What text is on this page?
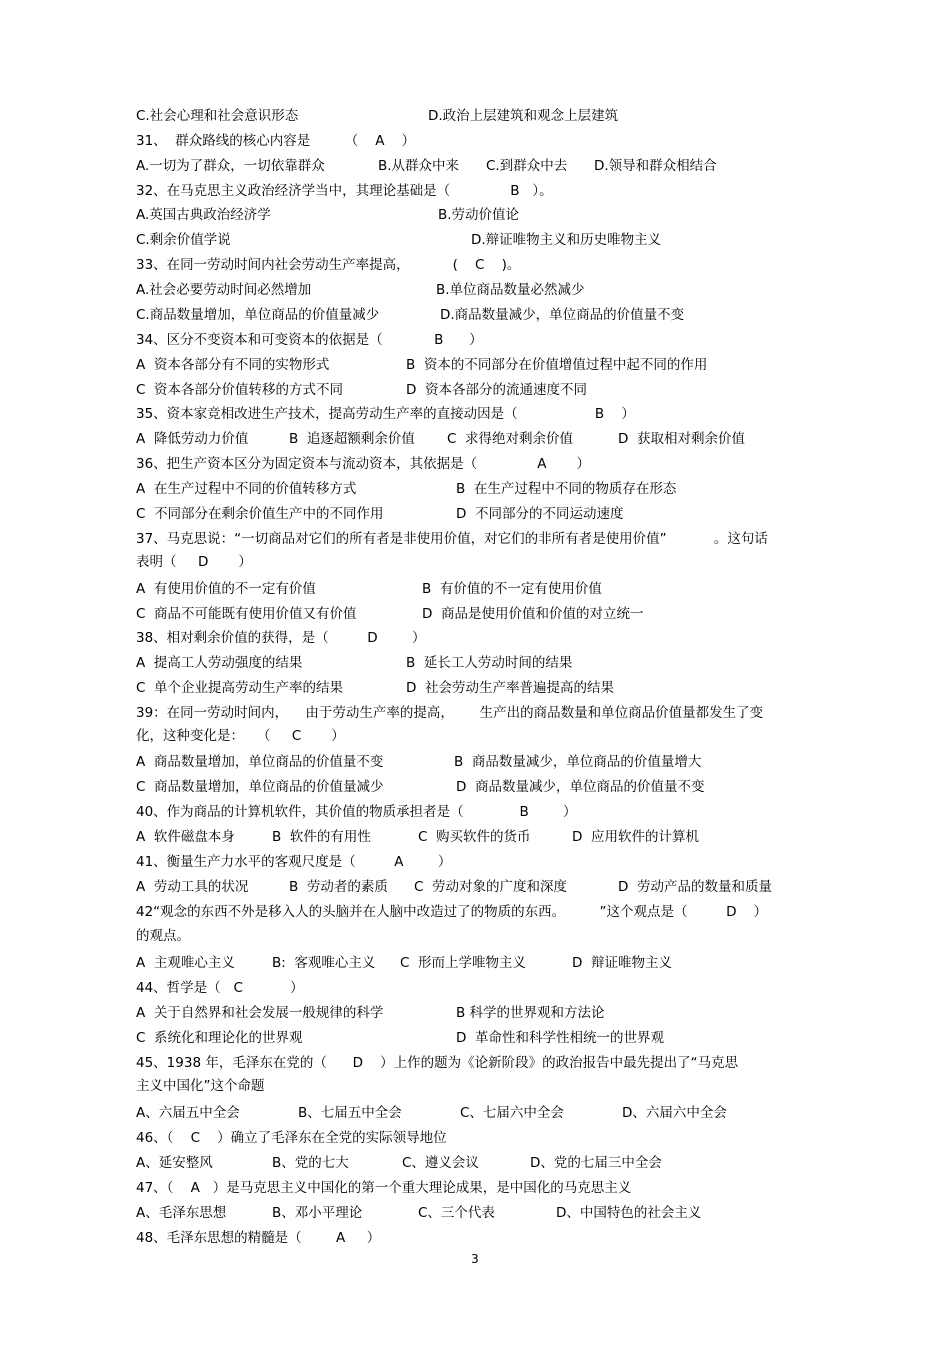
C.社会心理和社会意识形态	D.政治上层建筑和观念上层建筑
31、  群众路线的核心内容是        （    A    ）
A.一切为了群众，一切依靠群众	B.从群众中来 C.到群众中去 D.领导和群众相结合
32、在马克思主义政治经济学当中，其理论基础是（              B   ）。
A.英国古典政治经济学	B.劳动价值论
C.剩余价值学说	D.辩证唯物主义和历史唯物主义
33、在同一劳动时间内社会劳动生产率提高，          (    C    )。
A.社会必要劳动时间必然增加	B.单位商品数量必然减少
C.商品数量增加，单位商品的价值量减少	D.商品数量减少，单位商品的价值量不变
34、区分不变资本和可变资本的依据是（            B      ）
A  资本各部分有不同的实物形式	B  资本的不同部分在价值增值过程中起不同的作用
C  资本各部分价值转移的方式不同	D  资本各部分的流通速度不同
35、资本家竞相改进生产技术，提高劳动生产率的直接动因是（                  B    ）
A  降低劳动力价值	B  追逐超额剩余价值 C  求得绝对剩余价值	D  获取相对剩余价值
36、把生产资本区分为固定资本与流动资本，其依据是（              A       ）
A  在生产过程中不同的价值转移方式	B  在生产过程中不同的物质存在形态
C  不同部分在剩余价值生产中的不同作用	D  不同部分的不同运动速度
37、马克思说：“一切商品对它们的所有者是非使用价值，对它们的非所有者是使用价值”           。这句话
表明（     D       ）
A  有使用价值的不一定有价值	B  有价值的不一定有使用价值
C  商品不可能既有使用价值又有价值	D  商品是使用价值和价值的对立统一
38、相对剩余价值的获得，是（         D        ）
A  提高工人劳动强度的结果	B  延长工人劳动时间的结果
C  单个企业提高劳动生产率的结果	D  社会劳动生产率普遍提高的结果
39：在同一劳动时间内，    由于劳动生产率的提高，      生产出的商品数量和单位商品价值量都发生了变
化，这种变化是：   （     C       ）
A  商品数量增加，单位商品的价值量不变	B  商品数量减少，单位商品的价值量增大
C  商品数量增加，单位商品的价值量减少	D  商品数量减少，单位商品的价值量不变
40、作为商品的计算机软件，其价值的物质承担者是（             B        ）
A  软件磁盘本身	B  软件的有用性	C  购买软件的货币	D  应用软件的计算机
41、衡量生产力水平的客观尺度是（         A        ）
A  劳动工具的状况	B  劳动者的素质 C  劳动对象的广度和深度	D  劳动产品的数量和质量
42“观念的东西不外是移入人的头脑并在人脑中改造过了的物质的东西。        ”这个观点是（         D    ）
的观点。
A  主观唯心主义	B:  客观唯心主义 C  形而上学唯物主义	D  辩证唯物主义
44、哲学是（   C           ）
A  关于自然界和社会发展一般规律的科学	B 科学的世界观和方法论
C  系统化和理论化的世界观	D  革命性和科学性相统一的世界观
45、1938 年，毛泽东在党的（      D    ）上作的题为《论新阶段》的政治报告中最先提出了“马克思
主义中国化”这个命题
A、六届五中全会	B、七届五中全会	C、七届六中全会	D、六届六中全会
46、（    C    ）确立了毛泽东在全党的实际领导地位
A、延安整风	B、党的七大	C、遵义会议	D、党的七届三中全会
47、（    A   ）是马克思主义中国化的第一个重大理论成果，是中国化的马克思主义
A、毛泽东思想	B、邓小平理论	C、三个代表	D、中国特色的社会主义
48、毛泽东思想的精髓是（        A     ）
3
